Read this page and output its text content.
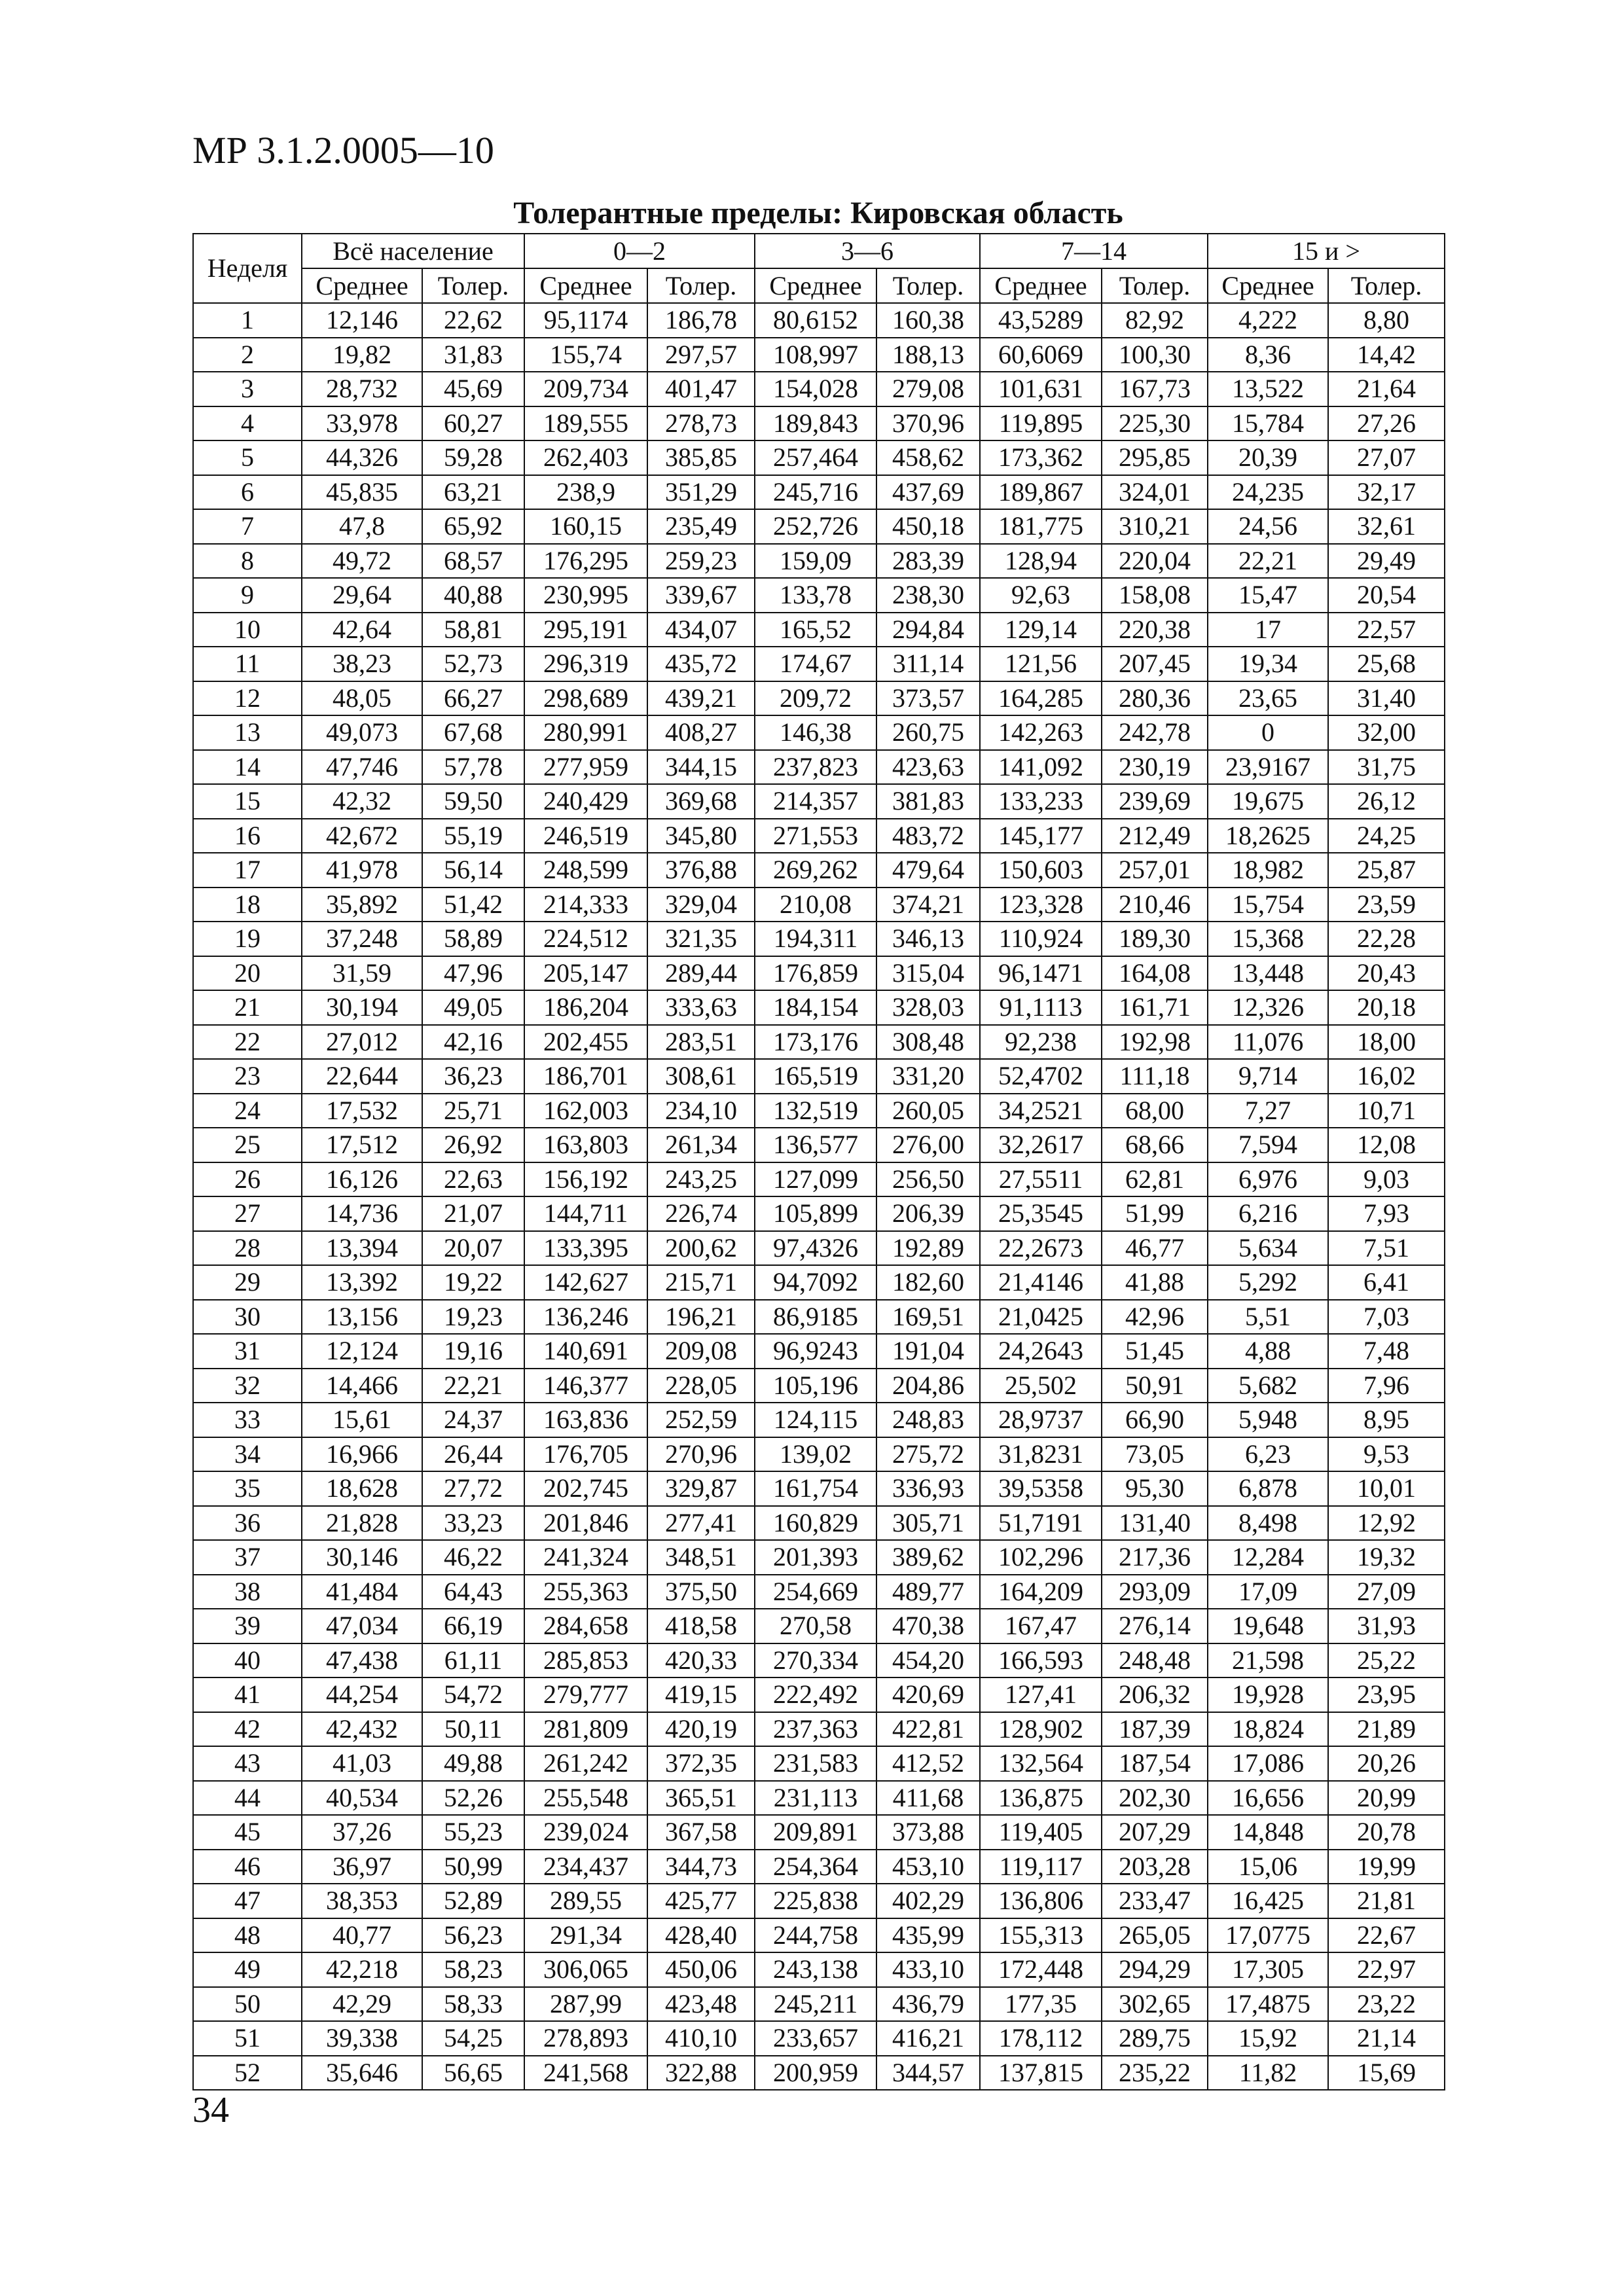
МР 3.1.2.0005—10
Толерантные пределы: Кировская область
Неделя	Всё население		0—2		3—6		7—14		15 и >	
	Среднее	Толер.	Среднее	Толер.	Среднее	Толер.	Среднее	Толер.	Среднее	Толер.
1	12,146	22,62	95,1174	186,78	80,6152	160,38	43,5289	82,92	4,222	8,80
2	19,82	31,83	155,74	297,57	108,997	188,13	60,6069	100,30	8,36	14,42
3	28,732	45,69	209,734	401,47	154,028	279,08	101,631	167,73	13,522	21,64
4	33,978	60,27	189,555	278,73	189,843	370,96	119,895	225,30	15,784	27,26
5	44,326	59,28	262,403	385,85	257,464	458,62	173,362	295,85	20,39	27,07
6	45,835	63,21	238,9	351,29	245,716	437,69	189,867	324,01	24,235	32,17
7	47,8	65,92	160,15	235,49	252,726	450,18	181,775	310,21	24,56	32,61
8	49,72	68,57	176,295	259,23	159,09	283,39	128,94	220,04	22,21	29,49
9	29,64	40,88	230,995	339,67	133,78	238,30	92,63	158,08	15,47	20,54
10	42,64	58,81	295,191	434,07	165,52	294,84	129,14	220,38	17	22,57
11	38,23	52,73	296,319	435,72	174,67	311,14	121,56	207,45	19,34	25,68
12	48,05	66,27	298,689	439,21	209,72	373,57	164,285	280,36	23,65	31,40
13	49,073	67,68	280,991	408,27	146,38	260,75	142,263	242,78	0	32,00
14	47,746	57,78	277,959	344,15	237,823	423,63	141,092	230,19	23,9167	31,75
15	42,32	59,50	240,429	369,68	214,357	381,83	133,233	239,69	19,675	26,12
16	42,672	55,19	246,519	345,80	271,553	483,72	145,177	212,49	18,2625	24,25
17	41,978	56,14	248,599	376,88	269,262	479,64	150,603	257,01	18,982	25,87
18	35,892	51,42	214,333	329,04	210,08	374,21	123,328	210,46	15,754	23,59
19	37,248	58,89	224,512	321,35	194,311	346,13	110,924	189,30	15,368	22,28
20	31,59	47,96	205,147	289,44	176,859	315,04	96,1471	164,08	13,448	20,43
21	30,194	49,05	186,204	333,63	184,154	328,03	91,1113	161,71	12,326	20,18
22	27,012	42,16	202,455	283,51	173,176	308,48	92,238	192,98	11,076	18,00
23	22,644	36,23	186,701	308,61	165,519	331,20	52,4702	111,18	9,714	16,02
24	17,532	25,71	162,003	234,10	132,519	260,05	34,2521	68,00	7,27	10,71
25	17,512	26,92	163,803	261,34	136,577	276,00	32,2617	68,66	7,594	12,08
26	16,126	22,63	156,192	243,25	127,099	256,50	27,5511	62,81	6,976	9,03
27	14,736	21,07	144,711	226,74	105,899	206,39	25,3545	51,99	6,216	7,93
28	13,394	20,07	133,395	200,62	97,4326	192,89	22,2673	46,77	5,634	7,51
29	13,392	19,22	142,627	215,71	94,7092	182,60	21,4146	41,88	5,292	6,41
30	13,156	19,23	136,246	196,21	86,9185	169,51	21,0425	42,96	5,51	7,03
31	12,124	19,16	140,691	209,08	96,9243	191,04	24,2643	51,45	4,88	7,48
32	14,466	22,21	146,377	228,05	105,196	204,86	25,502	50,91	5,682	7,96
33	15,61	24,37	163,836	252,59	124,115	248,83	28,9737	66,90	5,948	8,95
34	16,966	26,44	176,705	270,96	139,02	275,72	31,8231	73,05	6,23	9,53
35	18,628	27,72	202,745	329,87	161,754	336,93	39,5358	95,30	6,878	10,01
36	21,828	33,23	201,846	277,41	160,829	305,71	51,7191	131,40	8,498	12,92
37	30,146	46,22	241,324	348,51	201,393	389,62	102,296	217,36	12,284	19,32
38	41,484	64,43	255,363	375,50	254,669	489,77	164,209	293,09	17,09	27,09
39	47,034	66,19	284,658	418,58	270,58	470,38	167,47	276,14	19,648	31,93
40	47,438	61,11	285,853	420,33	270,334	454,20	166,593	248,48	21,598	25,22
41	44,254	54,72	279,777	419,15	222,492	420,69	127,41	206,32	19,928	23,95
42	42,432	50,11	281,809	420,19	237,363	422,81	128,902	187,39	18,824	21,89
43	41,03	49,88	261,242	372,35	231,583	412,52	132,564	187,54	17,086	20,26
44	40,534	52,26	255,548	365,51	231,113	411,68	136,875	202,30	16,656	20,99
45	37,26	55,23	239,024	367,58	209,891	373,88	119,405	207,29	14,848	20,78
46	36,97	50,99	234,437	344,73	254,364	453,10	119,117	203,28	15,06	19,99
47	38,353	52,89	289,55	425,77	225,838	402,29	136,806	233,47	16,425	21,81
48	40,77	56,23	291,34	428,40	244,758	435,99	155,313	265,05	17,0775	22,67
49	42,218	58,23	306,065	450,06	243,138	433,10	172,448	294,29	17,305	22,97
50	42,29	58,33	287,99	423,48	245,211	436,79	177,35	302,65	17,4875	23,22
51	39,338	54,25	278,893	410,10	233,657	416,21	178,112	289,75	15,92	21,14
52	35,646	56,65	241,568	322,88	200,959	344,57	137,815	235,22	11,82	15,69
34
